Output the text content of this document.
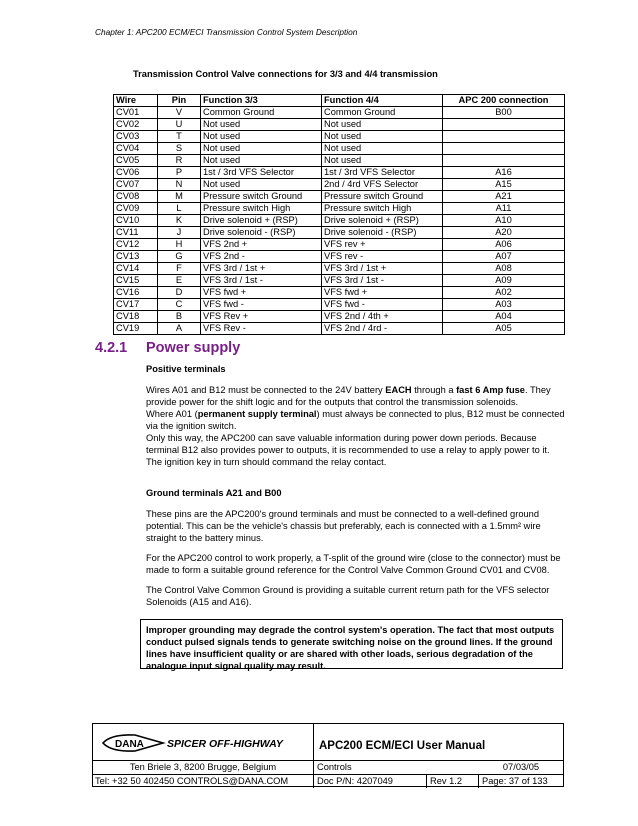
Chapter 1: APC200 ECM/ECI Transmission Control System Description
Transmission Control Valve connections for 3/3 and 4/4 transmission
Wire	Pin	Function 3/3	Function 4/4	APC 200 connection
CV01	V	Common Ground	Common Ground	B00
CV02	U	Not used	Not used	
CV03	T	Not used	Not used	
CV04	S	Not used	Not used	
CV05	R	Not used	Not used	
CV06	P	1st / 3rd VFS Selector	1st / 3rd VFS Selector	A16
CV07	N	Not used	2nd / 4rd VFS Selector	A15
CV08	M	Pressure switch Ground	Pressure switch Ground	A21
CV09	L	Pressure switch High	Pressure switch High	A11
CV10	K	Drive solenoid + (RSP)	Drive solenoid + (RSP)	A10
CV11	J	Drive solenoid - (RSP)	Drive solenoid - (RSP)	A20
CV12	H	VFS 2nd +	VFS rev +	A06
CV13	G	VFS 2nd -	VFS rev -	A07
CV14	F	VFS 3rd / 1st +	VFS 3rd / 1st +	A08
CV15	E	VFS 3rd / 1st -	VFS 3rd / 1st -	A09
CV16	D	VFS fwd +	VFS fwd +	A02
CV17	C	VFS fwd -	VFS fwd -	A03
CV18	B	VFS Rev +	VFS 2nd / 4th +	A04
CV19	A	VFS Rev -	VFS 2nd / 4rd -	A05
4.2.1 Power supply

Positive terminals

Wires A01 and B12 must be connected to the 24V battery EACH through a fast 6 Amp fuse. They provide power for the shift logic and for the outputs that control the transmission solenoids.

Where A01 (permanent supply terminal) must always be connected to plus, B12 must be connected via the ignition switch.

Only this way, the APC200 can save valuable information during power down periods. Because terminal B12 also provides power to outputs, it is recommended to use a relay to apply power to it. The ignition key in turn should command the relay contact.

Ground terminals A21 and B00

These pins are the APC200's ground terminals and must be connected to a well-defined ground potential. This can be the vehicle's chassis but preferably, each is connected with a 1.5mm² wire straight to the battery minus.

For the APC200 control to work properly, a T-split of the ground wire (close to the connector) must be made to form a suitable ground reference for the Control Valve Common Ground CV01 and CV08.

The Control Valve Common Ground is providing a suitable current return path for the VFS selector Solenoids (A15 and A16).

Improper grounding may degrade the control system's operation. The fact that most outputs conduct pulsed signals tends to generate switching noise on the ground lines. If the ground lines have insufficient quality or are shared with other loads, serious degradation of the analogue input signal quality may result.
DANA SPICER OFF-HIGHWAY	APC200 ECM/ECI User Manual
Ten Briele 3, 8200 Brugge, Belgium	Controls	07/03/05
Tel: +32 50 402450 CONTROLS@DANA.COM	Doc P/N: 4207049	Rev 1.2	Page: 37 of 133
